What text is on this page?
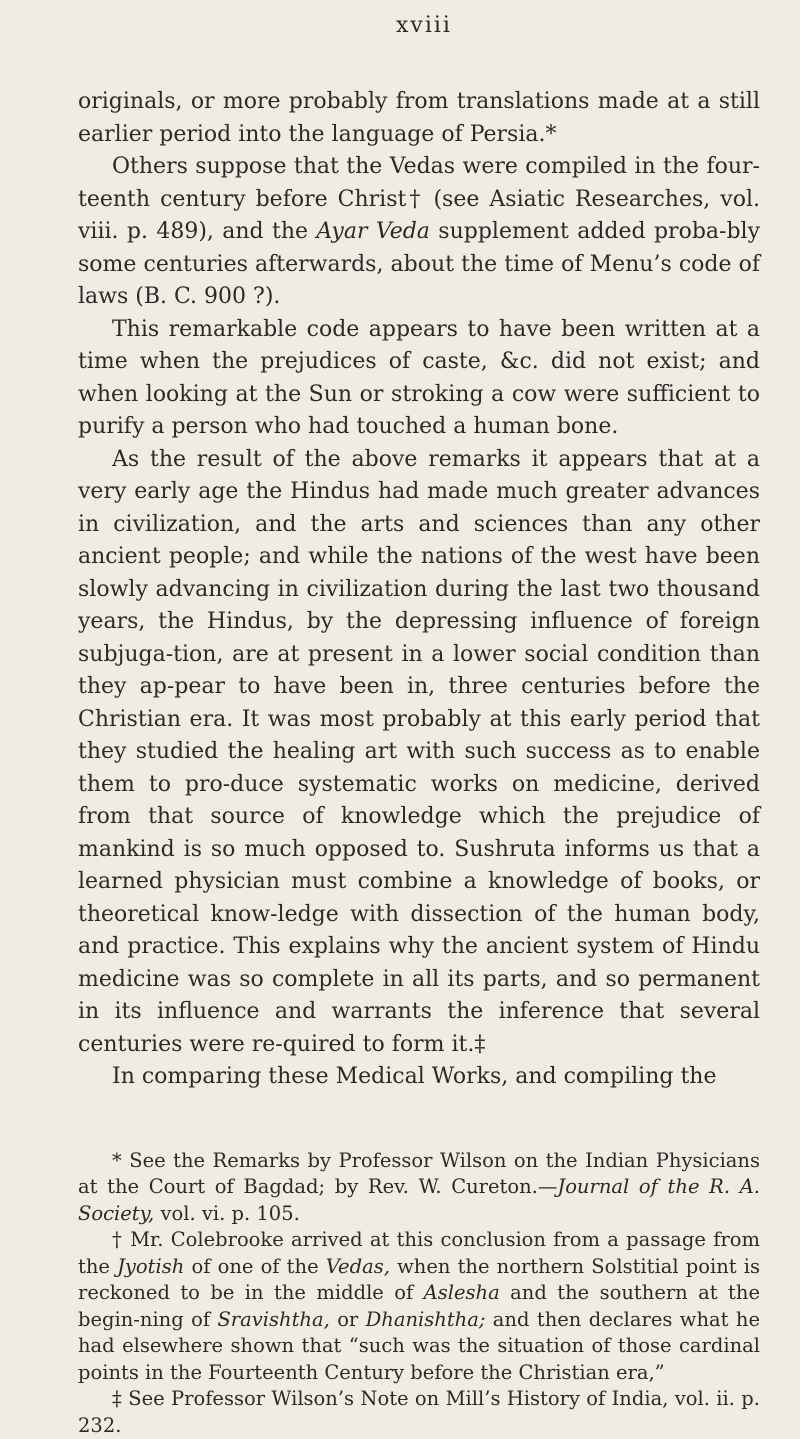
xviii

originals, or more probably from translations made at a still earlier period into the language of Persia.*

Others suppose that the Vedas were compiled in the four-teenth century before Christ† (see Asiatic Researches, vol. viii. p. 489), and the Ayar Veda supplement added proba-bly some centuries afterwards, about the time of Menu’s code of laws (B. C. 900 ?).

This remarkable code appears to have been written at a time when the prejudices of caste, &c. did not exist; and when looking at the Sun or stroking a cow were sufficient to purify a person who had touched a human bone.

As the result of the above remarks it appears that at a very early age the Hindus had made much greater advances in civilization, and the arts and sciences than any other ancient people; and while the nations of the west have been slowly advancing in civilization during the last two thousand years, the Hindus, by the depressing influence of foreign subjuga-tion, are at present in a lower social condition than they ap-pear to have been in, three centuries before the Christian era. It was most probably at this early period that they studied the healing art with such success as to enable them to pro-duce systematic works on medicine, derived from that source of knowledge which the prejudice of mankind is so much opposed to. Sushruta informs us that a learned physician must combine a knowledge of books, or theoretical know-ledge with dissection of the human body, and practice. This explains why the ancient system of Hindu medicine was so complete in all its parts, and so permanent in its influence and warrants the inference that several centuries were re-quired to form it.‡

In comparing these Medical Works, and compiling the

* See the Remarks by Professor Wilson on the Indian Physicians at the Court of Bagdad; by Rev. W. Cureton.—Journal of the R. A. Society, vol. vi. p. 105.

† Mr. Colebrooke arrived at this conclusion from a passage from the Jyotish of one of the Vedas, when the northern Solstitial point is reckoned to be in the middle of Aslesha and the southern at the begin-ning of Sravishtha, or Dhanishtha; and then declares what he had elsewhere shown that “such was the situation of those cardinal points in the Fourteenth Century before the Christian era,”

‡ See Professor Wilson’s Note on Mill’s History of India, vol. ii. p. 232.
